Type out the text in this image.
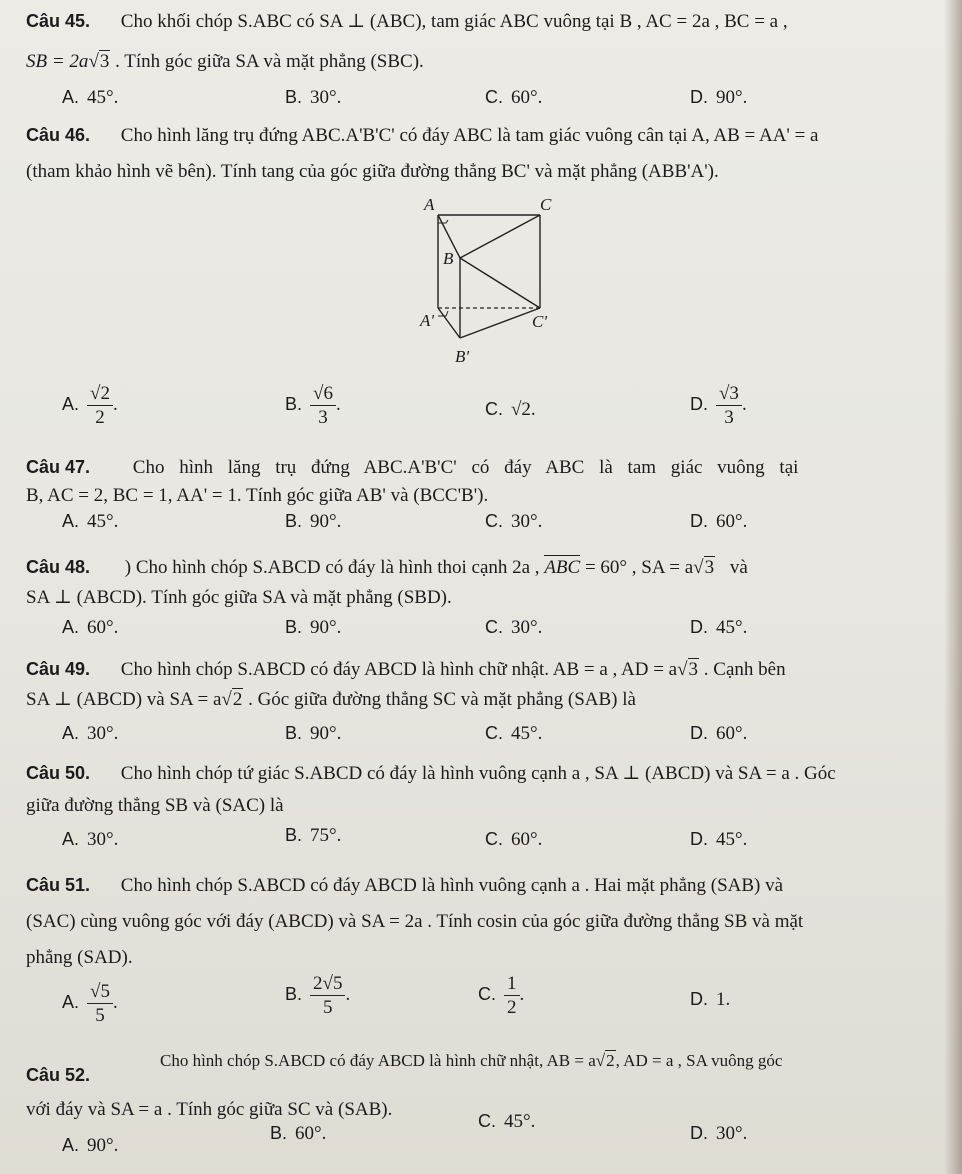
Câu 45. Cho khối chóp S.ABC có SA ⊥ (ABC), tam giác ABC vuông tại B , AC = 2a , BC = a ,
SB = 2a√3 . Tính góc giữa SA và mặt phẳng (SBC).
A. 45°.	B. 30°.	C. 60°.	D. 90°.
Câu 46. Cho hình lăng trụ đứng ABC.A'B'C' có đáy ABC là tam giác vuông cân tại A, AB = AA' = a
(tham khảo hình vẽ bên). Tính tang của góc giữa đường thẳng BC' và mặt phẳng (ABB'A').
A	C
B
A'	C'
B'
A. $\frac{√2}{2}$ .	B. $\frac{√6}{3}$ .	C. √2.	D. $\frac{√3}{3}$ .
Câu 47. Cho hình lăng trụ đứng ABC.A'B'C' có đáy ABC là tam giác vuông tại
B, AC = 2, BC = 1, AA' = 1. Tính góc giữa AB' và (BCC'B').
A. 45°.	B. 90°.	C. 30°.	D. 60°.
Câu 48. ) Cho hình chóp S.ABCD có đáy là hình thoi cạnh 2a , ABC = 60° , SA = a√3 và
SA ⊥ (ABCD). Tính góc giữa SA và mặt phẳng (SBD).
A. 60°.	B. 90°.	C. 30°.	D. 45°.
Câu 49. Cho hình chóp S.ABCD có đáy ABCD là hình chữ nhật. AB = a , AD = a√3 . Cạnh bên
SA ⊥ (ABCD) và SA = a√2 . Góc giữa đường thẳng SC và mặt phẳng (SAB) là
A. 30°.	B. 90°.	C. 45°.	D. 60°.
Câu 50. Cho hình chóp tứ giác S.ABCD có đáy là hình vuông cạnh a , SA ⊥ (ABCD) và SA = a . Góc
giữa đường thẳng SB và (SAC) là
A. 30°.	B. 75°.	C. 60°.	D. 45°.
Câu 51. Cho hình chóp S.ABCD có đáy ABCD là hình vuông cạnh a . Hai mặt phẳng (SAB) và
(SAC) cùng vuông góc với đáy (ABCD) và SA = 2a . Tính cosin của góc giữa đường thẳng SB và mặt
phẳng (SAD).
A. $\frac{√5}{5}$ .	B. $\frac{2√5}{5}$ .	C. $\frac{1}{2}$ .	D. 1.
Câu 52.
Cho hình chóp S.ABCD có đáy ABCD là hình chữ nhật, AB = a√2, AD = a , SA vuông góc
với đáy và SA = a . Tính góc giữa SC và (SAB).
A. 90°.
B. 60°.
C. 45°.
D. 30°.
